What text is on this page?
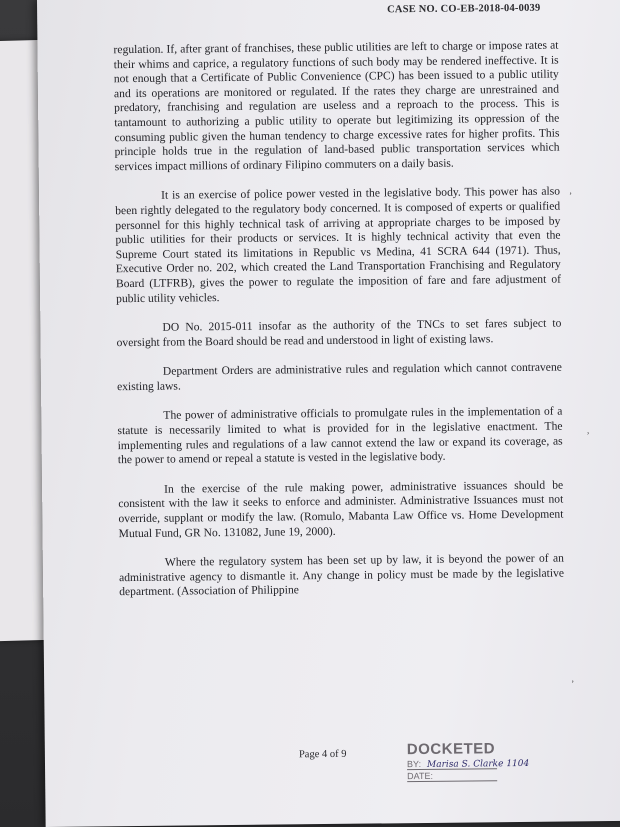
CASE NO. CO-EB-2018-04-0039

regulation. If, after grant of franchises, these public utilities are left to charge or impose rates at their whims and caprice, a regulatory functions of such body may be rendered ineffective. It is not enough that a Certificate of Public Convenience (CPC) has been issued to a public utility and its operations are monitored or regulated. If the rates they charge are unrestrained and predatory, franchising and regulation are useless and a reproach to the process. This is tantamount to authorizing a public utility to operate but legitimizing its oppression of the consuming public given the human tendency to charge excessive rates for higher profits. This principle holds true in the regulation of land-based public transportation services which services impact millions of ordinary Filipino commuters on a daily basis.

It is an exercise of police power vested in the legislative body. This power has also been rightly delegated to the regulatory body concerned. It is composed of experts or qualified personnel for this highly technical task of arriving at appropriate charges to be imposed by public utilities for their products or services. It is highly technical activity that even the Supreme Court stated its limitations in Republic vs Medina, 41 SCRA 644 (1971). Thus, Executive Order no. 202, which created the Land Transportation Franchising and Regulatory Board (LTFRB), gives the power to regulate the imposition of fare and fare adjustment of public utility vehicles.

DO No. 2015-011 insofar as the authority of the TNCs to set fares subject to oversight from the Board should be read and understood in light of existing laws.

Department Orders are administrative rules and regulation which cannot contravene existing laws.

The power of administrative officials to promulgate rules in the implementation of a statute is necessarily limited to what is provided for in the legislative enactment. The implementing rules and regulations of a law cannot extend the law or expand its coverage, as the power to amend or repeal a statute is vested in the legislative body.

In the exercise of the rule making power, administrative issuances should be consistent with the law it seeks to enforce and administer. Administrative Issuances must not override, supplant or modify the law. (Romulo, Mabanta Law Office vs. Home Development Mutual Fund, GR No. 131082, June 19, 2000).

Where the regulatory system has been set up by law, it is beyond the power of an administrative agency to dismantle it. Any change in policy must be made by the legislative department. (Association of Philippine

’
’
’
Page 4 of 9	DOCKETED
BY:
DATE:
Marisa S. Clarke 1104
